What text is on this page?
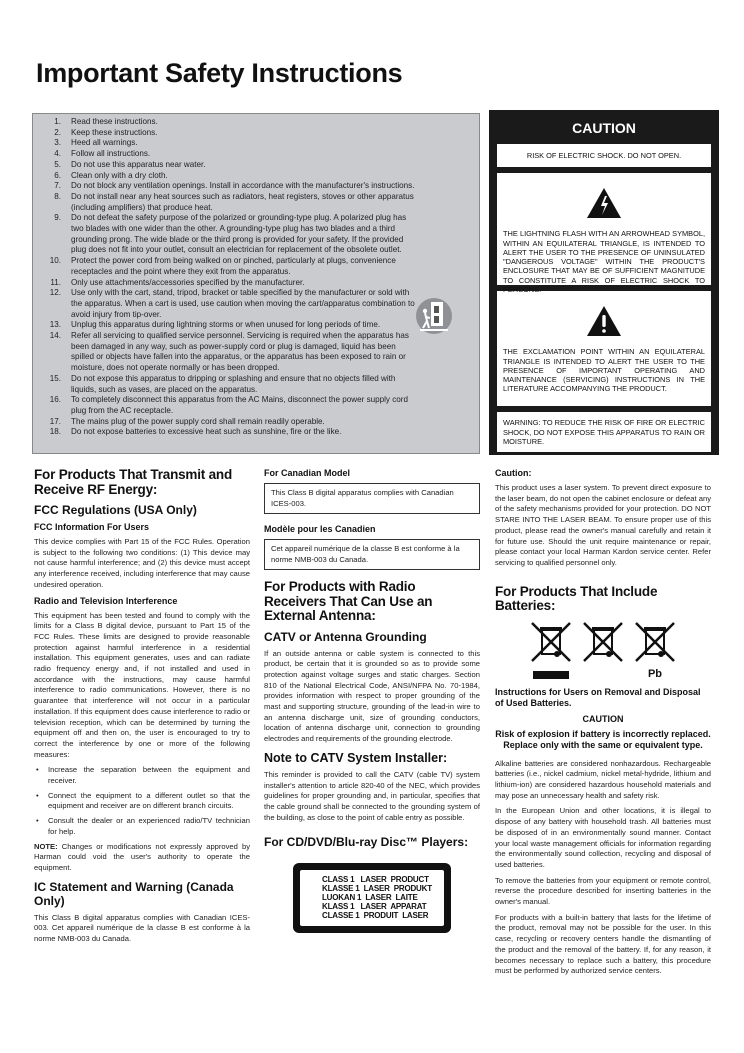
Important Safety Instructions
1.	Read these instructions.
2.	Keep these instructions.
3.	Heed all warnings.
4.	Follow all instructions.
5.	Do not use this apparatus near water.
6.	Clean only with a dry cloth.
7.	Do not block any ventilation openings. Install in accordance with the manufacturer's instructions.
8.	Do not install near any heat sources such as radiators, heat registers, stoves or other apparatus (including amplifiers) that produce heat.
9.	Do not defeat the safety purpose of the polarized or grounding-type plug. A polarized plug has two blades with one wider than the other. A grounding-type plug has two blades and a third grounding prong. The wide blade or the third prong is provided for your safety. If the provided plug does not fit into your outlet, consult an electrician for replacement of the obsolete outlet.
10.	Protect the power cord from being walked on or pinched, particularly at plugs, convenience receptacles and the point where they exit from the apparatus.
11.	Only use attachments/accessories specified by the manufacturer.
12.	Use only with the cart, stand, tripod, bracket or table specified by the manufacturer or sold with the apparatus. When a cart is used, use caution when moving the cart/apparatus combination to avoid injury from tip-over.
13.	Unplug this apparatus during lightning storms or when unused for long periods of time.
14.	Refer all servicing to qualified service personnel. Servicing is required when the apparatus has been damaged in any way, such as power-supply cord or plug is damaged, liquid has been spilled or objects have fallen into the apparatus, or the apparatus has been exposed to rain or moisture, does not operate normally or has been dropped.
15.	Do not expose this apparatus to dripping or splashing and ensure that no objects filled with liquids, such as vases, are placed on the apparatus.
16.	To completely disconnect this apparatus from the AC Mains, disconnect the power supply cord plug from the AC receptacle.
17.	The mains plug of the power supply cord shall remain readily operable.
18.	Do not expose batteries to excessive heat such as sunshine, fire or the like.
CAUTION
RISK OF ELECTRIC SHOCK. DO NOT OPEN.
THE LIGHTNING FLASH WITH AN ARROWHEAD SYMBOL, WITHIN AN EQUILATERAL TRIANGLE, IS INTENDED TO ALERT THE USER TO THE PRESENCE OF UNINSULATED "DANGEROUS VOLTAGE" WITHIN THE PRODUCT'S ENCLOSURE THAT MAY BE OF SUFFICIENT MAGNITUDE TO CONSTITUTE A RISK OF ELECTRIC SHOCK TO PERSONS.
THE EXCLAMATION POINT WITHIN AN EQUILATERAL TRIANGLE IS INTENDED TO ALERT THE USER TO THE PRESENCE OF IMPORTANT OPERATING AND MAINTENANCE (SERVICING) INSTRUCTIONS IN THE LITERATURE ACCOMPANYING THE PRODUCT.
WARNING: TO REDUCE THE RISK OF FIRE OR ELECTRIC SHOCK, DO NOT EXPOSE THIS APPARATUS TO RAIN OR MOISTURE.
For Products That Transmit and Receive RF Energy:
FCC Regulations (USA Only)
FCC Information For Users

This device complies with Part 15 of the FCC Rules. Operation is subject to the following two conditions: (1) This device may not cause harmful interference; and (2) this device must accept any interference received, including interference that may cause undesired operation.

Radio and Television Interference

This equipment has been tested and found to comply with the limits for a Class B digital device, pursuant to Part 15 of the FCC Rules. These limits are designed to provide reasonable protection against harmful interference in a residential installation. This equipment generates, uses and can radiate radio frequency energy and, if not installed and used in accordance with the instructions, may cause harmful interference to radio communications. However, there is no guarantee that interference will not occur in a particular installation. If this equipment does cause interference to radio or television reception, which can be determined by turning the equipment off and then on, the user is encouraged to try to correct the interference by one or more of the following measures:

• Increase the separation between the equipment and receiver.
• Connect the equipment to a different outlet so that the equipment and receiver are on different branch circuits.
• Consult the dealer or an experienced radio/TV technician for help.

NOTE: Changes or modifications not expressly approved by Harman could void the user's authority to operate the equipment.

IC Statement and Warning (Canada Only)

This Class B digital apparatus complies with Canadian ICES-003. Cet appareil numérique de la classe B est conforme à la norme NMB-003 du Canada.

For Canadian Model
This Class B digital apparatus complies with Canadian ICES-003.
Modèle pour les Canadien
Cet appareil numérique de la classe B est conforme à la norme NMB-003 du Canada.
For Products with Radio Receivers That Can Use an External Antenna:
CATV or Antenna Grounding

If an outside antenna or cable system is connected to this product, be certain that it is grounded so as to provide some protection against voltage surges and static charges. Section 810 of the National Electrical Code, ANSI/NFPA No. 70-1984, provides information with respect to proper grounding of the mast and supporting structure, grounding of the lead-in wire to an antenna discharge unit, size of grounding conductors, location of antenna discharge unit, connection to grounding electrodes and requirements of the grounding electrode.

Note to CATV System Installer:

This reminder is provided to call the CATV (cable TV) system installer's attention to article 820-40 of the NEC, which provides guidelines for proper grounding and, in particular, specifies that the cable ground shall be connected to the grounding system of the building, as close to the point of cable entry as possible.

For CD/DVD/Blu-ray Disc™ Players:
CLASS 1   LASER  PRODUCT
KLASSE 1  LASER  PRODUKT
LUOKAN 1  LASER  LAITE
KLASS 1   LASER  APPARAT
CLASSE 1  PRODUIT  LASER
Caution:

This product uses a laser system. To prevent direct exposure to the laser beam, do not open the cabinet enclosure or defeat any of the safety mechanisms provided for your protection. DO NOT STARE INTO THE LASER BEAM. To ensure proper use of this product, please read the owner's manual carefully and retain it for future use. Should the unit require maintenance or repair, please contact your local Harman Kardon service center. Refer servicing to qualified personnel only.

For Products That Include Batteries:
Pb
Instructions for Users on Removal and Disposal of Used Batteries.
CAUTION
Risk of explosion if battery is incorrectly replaced. Replace only with the same or equivalent type.

Alkaline batteries are considered nonhazardous. Rechargeable batteries (i.e., nickel cadmium, nickel metal-hydride, lithium and lithium-ion) are considered hazardous household materials and may pose an unnecessary health and safety risk.

In the European Union and other locations, it is illegal to dispose of any battery with household trash. All batteries must be disposed of in an environmentally sound manner. Contact your local waste management officials for information regarding the environmentally sound collection, recycling and disposal of used batteries.

To remove the batteries from your equipment or remote control, reverse the procedure described for inserting batteries in the owner's manual.

For products with a built-in battery that lasts for the lifetime of the product, removal may not be possible for the user. In this case, recycling or recovery centers handle the dismantling of the product and the removal of the battery. If, for any reason, it becomes necessary to replace such a battery, this procedure must be performed by authorized service centers.
